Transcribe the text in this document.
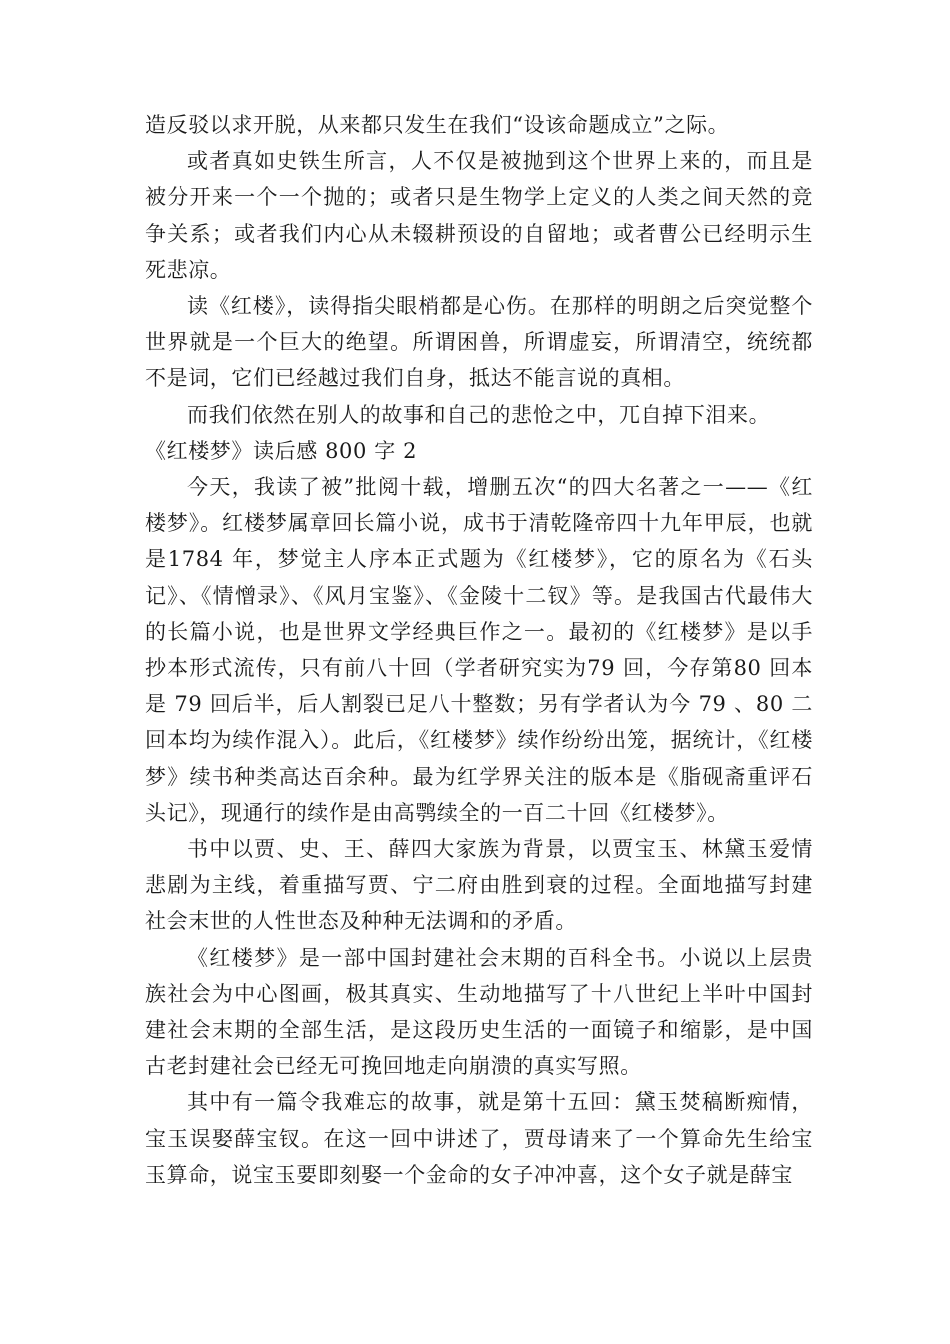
造反驳以求开脱，从来都只发生在我们“设该命题成立”之际。

或者真如史铁生所言，人不仅是被抛到这个世界上来的，而且是被分开来一个一个抛的；或者只是生物学上定义的人类之间天然的竞争关系；或者我们内心从未辍耕预设的自留地；或者曹公已经明示生死悲凉。

读《红楼》，读得指尖眼梢都是心伤。在那样的明朗之后突觉整个世界就是一个巨大的绝望。所谓困兽，所谓虚妄，所谓清空，统统都不是词，它们已经越过我们自身，抵达不能言说的真相。

而我们依然在别人的故事和自己的悲怆之中，兀自掉下泪来。

《红楼梦》读后感 800 字 2

今天，我读了被”批阅十载，增删五次“的四大名著之一——《红楼梦》。红楼梦属章回长篇小说，成书于清乾隆帝四十九年甲辰，也就是1784 年，梦觉主人序本正式题为《红楼梦》，它的原名为《石头记》、《情憎录》、《风月宝鉴》、《金陵十二钗》等。是我国古代最伟大的长篇小说，也是世界文学经典巨作之一。最初的《红楼梦》是以手抄本形式流传，只有前八十回（学者研究实为79 回，今存第80 回本是 79 回后半，后人割裂已足八十整数；另有学者认为今 79 、80 二回本均为续作混入）。此后，《红楼梦》续作纷纷出笼，据统计，《红楼梦》续书种类高达百余种。最为红学界关注的版本是《脂砚斋重评石头记》，现通行的续作是由高鹗续全的一百二十回《红楼梦》。

书中以贾、史、王、薛四大家族为背景，以贾宝玉、林黛玉爱情悲剧为主线，着重描写贾、宁二府由胜到衰的过程。全面地描写封建社会末世的人性世态及种种无法调和的矛盾。

《红楼梦》是一部中国封建社会末期的百科全书。小说以上层贵族社会为中心图画，极其真实、生动地描写了十八世纪上半叶中国封建社会末期的全部生活，是这段历史生活的一面镜子和缩影，是中国古老封建社会已经无可挽回地走向崩溃的真实写照。

其中有一篇令我难忘的故事，就是第十五回：黛玉焚稿断痴情，宝玉误娶薛宝钗。在这一回中讲述了，贾母请来了一个算命先生给宝玉算命，说宝玉要即刻娶一个金命的女子冲冲喜，这个女子就是薛宝
